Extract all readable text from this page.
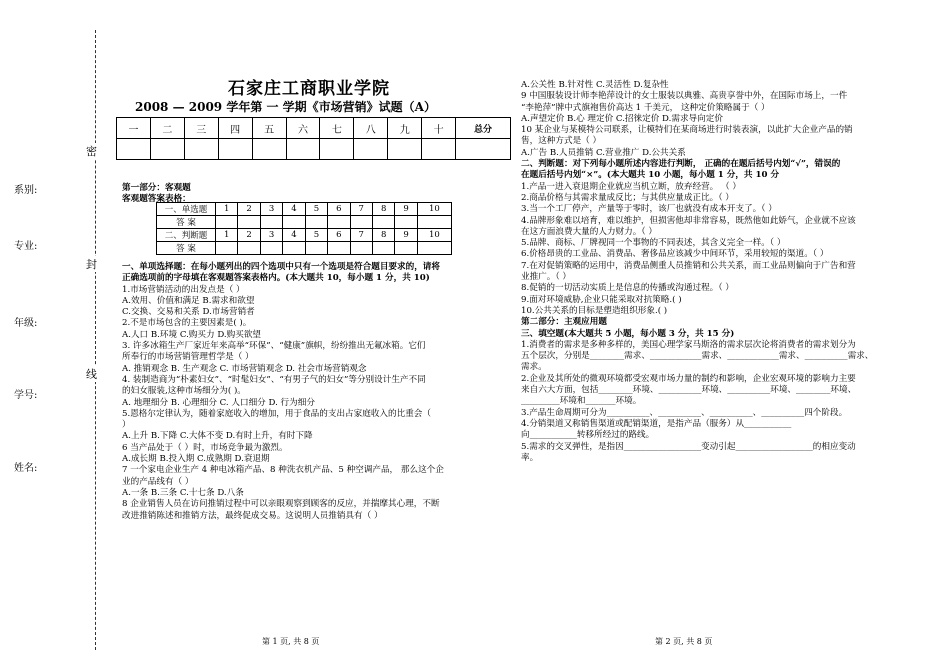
密
封
线
系别:
专业:
年级:
学号:
姓名:
石家庄工商职业学院
2008 — 2009 学年第 一 学期《市场营销》试题（A）
一	二	三	四	五	六	七	八	九	十	总分

第一部分：客观题
客观题答案表格：
一、单选题	1	2	3	4	5	6	7	8	9	10
答 案										
二、判断题	1	2	3	4	5	6	7	8	9	10
答 案										
一、单项选择题：在每小题列出的四个选项中只有一个选项是符合题目要求的，请将
正确选项前的字母填在客观题答案表格内。(本大题共 10，每小题 1 分，共 10)
1.市场营销活动的出发点是（ ）
A.效用、价值和满足 B.需求和欲望
C.交换、交易和关系 D.市场营销者
2.不是市场包含的主要因素是( )。
A.人口 B.环境 C.购买力 D.购买欲望
3. 许多冰箱生产厂家近年来高举“环保”、“健康”旗帜，纷纷推出无氟冰箱。它们
所奉行的市场营销管理哲学是（ ）
A. 推销观念 B. 生产观念 C. 市场营销观念 D. 社会市场营销观念
4. 装制造商为“朴素妇女”、“时髦妇女”、“有男子气的妇女”等分别设计生产不同
的妇女服装,这种市场细分为( )。
A. 地理细分 B. 心理细分 C. 人口细分 D. 行为细分
5.恩格尔定律认为，随着家庭收入的增加，用于食品的支出占家庭收入的比重会（
）
A.上升 B.下降 C.大体不变 D.有时上升，有时下降
6 当产品处于（ ）时，市场竞争最为激烈。
A.成长期 B.投入期 C.成熟期 D.衰退期
7 一个家电企业生产 4 种电冰箱产品、8 种洗衣机产品、5 种空调产品， 那么这个企
业的产品线有（ ）
A.一条 B.三条 C.十七条 D.八条
8 企业销售人员在访问推销过程中可以亲眼观察到顾客的反应，并揣摩其心理，不断
改进推销陈述和推销方法，最终促成交易。这说明人员推销具有（ ）
A.公关性 B.针对性 C.灵活性 D.复杂性
9 中国服装设计师李艳萍设计的女士服装以典雅、高贵享誉中外，在国际市场上，一件
“李艳萍”牌中式旗袍售价高达 1 千美元， 这种定价策略属于（ ）
A.声望定价 B.心 理定价 C.招徕定价 D.需求导向定价
10 某企业与某模特公司联系，让模特们在某商场进行时装表演，以此扩大企业产品的销
售，这种方式是（ ）
A.广告 B.人员推销 C.营业推广 D.公共关系
二、判断题：对下列每小题所述内容进行判断， 正确的在题后括号内划“√”，错误的
在题后括号内划“×”。(本大题共 10 小题，每小题 1 分，共 10 分
1.产品一进入衰退期企业就应当机立断，放弃经营。 （ ）
2.商品价格与其需求量成反比；与其供应量成正比。（ ）
3.当一个工厂停产，产量等于零时，该厂也就没有成本开支了。（ ）
4.品牌形象难以培育，难以维护，但损害他却非常容易，既然他如此娇气，企业就不应该
在这方面浪费大量的人力财力。（ ）
5.品牌、商标、厂牌视同一个事物的不同表述，其含义完全一样。（ ）
6.价格昂贵的工业品、消费品、奢侈品应该减少中间环节，采用较短的渠道。（ ）
7.在对促销策略的运用中，消费品侧重人员推销和公共关系，而工业品则偏向于广告和营
业推广。（ ）
8.促销的一切活动实质上是信息的传播或沟通过程。（ ）
9.面对环境威胁,企业只能采取对抗策略.( )
10.公共关系的目标是塑造组织形象.( )
第二部分：主观应用题
三、填空题(本大题共 5 小题，每小题 3 分，共 15 分)
1.消费者的需求是多种多样的，美国心理学家马斯洛的需求层次论将消费者的需求划分为
五个层次，分别是________需求、____________需求、____________需求、__________需求、
需求。
2.企业及其所处的微观环境都受宏观市场力量的制约和影响，企业宏观环境的影响力主要
来自六大方面，包括________环境、__________环境、__________环境、________环境、
_________环境和_______环境。
3.产品生命周期可分为__________、__________、__________、__________四个阶段。
4.分销渠道又称销售渠道或配销渠道，是指产品（服务）从___________
向___________转移所经过的路线。
5.需求的交叉弹性，是指因__________________变动引起__________________的相应变动
率。
第 1 页, 共 8 页	第 2 页, 共 8 页
